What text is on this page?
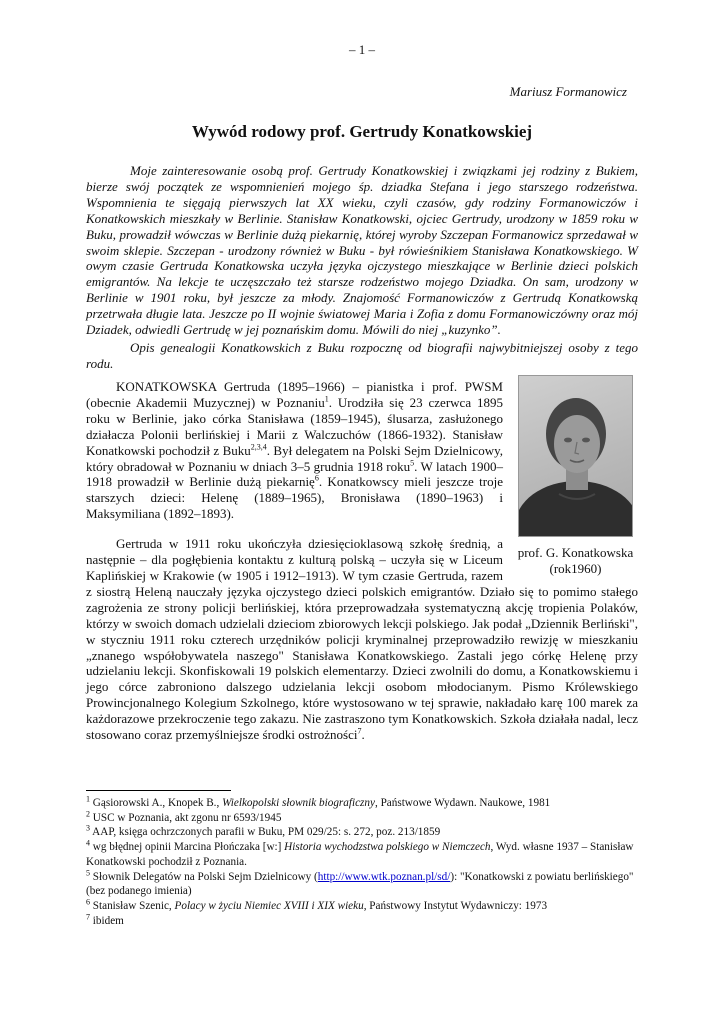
– 1 –
Mariusz Formanowicz
Wywód rodowy prof. Gertrudy Konatkowskiej

Moje zainteresowanie osobą prof. Gertrudy Konatkowskiej i związkami jej rodziny z Bukiem, bierze swój początek ze wspomnienień mojego śp. dziadka Stefana i jego starszego rodzeństwa. Wspomnienia te sięgają pierwszych lat XX wieku, czyli czasów, gdy rodziny Formanowiczów i Konatkowskich mieszkały w Berlinie. Stanisław Konatkowski, ojciec Gertrudy, urodzony w 1859 roku w Buku, prowadził wówczas w Berlinie dużą piekarnię, której wyroby Szczepan Formanowicz sprzedawał w swoim sklepie. Szczepan - urodzony również w Buku - był rówieśnikiem Stanisława Konatkowskiego. W owym czasie Gertruda Konatkowska uczyła języka ojczystego mieszkające w Berlinie dzieci polskich emigrantów. Na lekcje te uczęszczało też starsze rodzeństwo mojego Dziadka. On sam, urodzony w Berlinie w 1901 roku, był jeszcze za młody. Znajomość Formanowiczów z Gertrudą Konatkowską przetrwała długie lata. Jeszcze po II wojnie światowej Maria i Zofia z domu Formanowiczówny oraz mój Dziadek, odwiedli Gertrudę w jej poznańskim domu. Mówili do niej „kuzynko”.

Opis genealogii Konatkowskich z Buku rozpocznę od biografii najwybitniejszej osoby z tego rodu.

prof. G. Konatkowska
(rok1960)

KONATKOWSKA Gertruda (1895–1966) – pianistka i prof. PWSM (obecnie Akademii Muzycznej) w Poznaniu$^1$. Urodziła się 23 czerwca 1895 roku w Berlinie, jako córka Stanisława (1859–1945), ślusarza, zasłużonego działacza Polonii berlińskiej i Marii z Walczuchów (1866-1932). Stanisław Konatkowski pochodził z Buku$^{2,3,4}$. Był delegatem na Polski Sejm Dzielnicowy, który obradował w Poznaniu w dniach 3–5 grudnia 1918 roku$^5$. W latach 1900–1918 prowadził w Berlinie dużą piekarnię$^6$. Konatkowscy mieli jeszcze troje starszych dzieci: Helenę (1889–1965), Bronisława (1890–1963) i Maksymiliana (1892–1893).

Gertruda w 1911 roku ukończyła dziesięcioklasową szkołę średnią, a następnie – dla pogłębienia kontaktu z kulturą polską – uczyła się w Liceum Kaplińskiej w Krakowie (w 1905 i 1912–1913). W tym czasie Gertruda, razem z siostrą Heleną nauczały języka ojczystego dzieci polskich emigrantów. Działo się to pomimo stałego zagrożenia ze strony policji berlińskiej, która przeprowadzała systematyczną akcję tropienia Polaków, którzy w swoich domach udzielali dzieciom zbiorowych lekcji polskiego. Jak podał „Dziennik Berliński", w styczniu 1911 roku czterech urzędników policji kryminalnej przeprowadziło rewizję w mieszkaniu „znanego współobywatela naszego" Stanisława Konatkowskiego. Zastali jego córkę Helenę przy udzielaniu lekcji. Skonfiskowali 19 polskich elementarzy. Dzieci zwolnili do domu, a Konatkowskiemu i jego córce zabroniono dalszego udzielania lekcji osobom młodocianym. Pismo Królewskiego Prowincjonalnego Kolegium Szkolnego, które wystosowano w tej sprawie, nakładało karę 100 marek za każdorazowe przekroczenie tego zakazu. Nie zastraszono tym Konatkowskich. Szkoła działała nadal, lecz stosowano coraz przemyślniejsze środki ostrożności$^7$.

$^1$ Gąsiorowski A., Knopek B., Wielkopolski słownik biograficzny, Państwowe Wydawn. Naukowe, 1981

$^2$ USC w Poznania, akt zgonu nr 6593/1945

$^3$ AAP, księga ochrzczonych parafii w Buku, PM 029/25: s. 272, poz. 213/1859

$^4$ wg błędnej opinii Marcina Płończaka [w:] Historia wychodzstwa polskiego w Niemczech, Wyd. własne 1937 – Stanisław Konatkowski pochodził z Poznania.

$^5$ Słownik Delegatów na Polski Sejm Dzielnicowy (http://www.wtk.poznan.pl/sd/): "Konatkowski z powiatu berlińskiego" (bez podanego imienia)

$^6$ Stanisław Szenic, Polacy w życiu Niemiec XVIII i XIX wieku, Państwowy Instytut Wydawniczy: 1973

$^7$ ibidem
